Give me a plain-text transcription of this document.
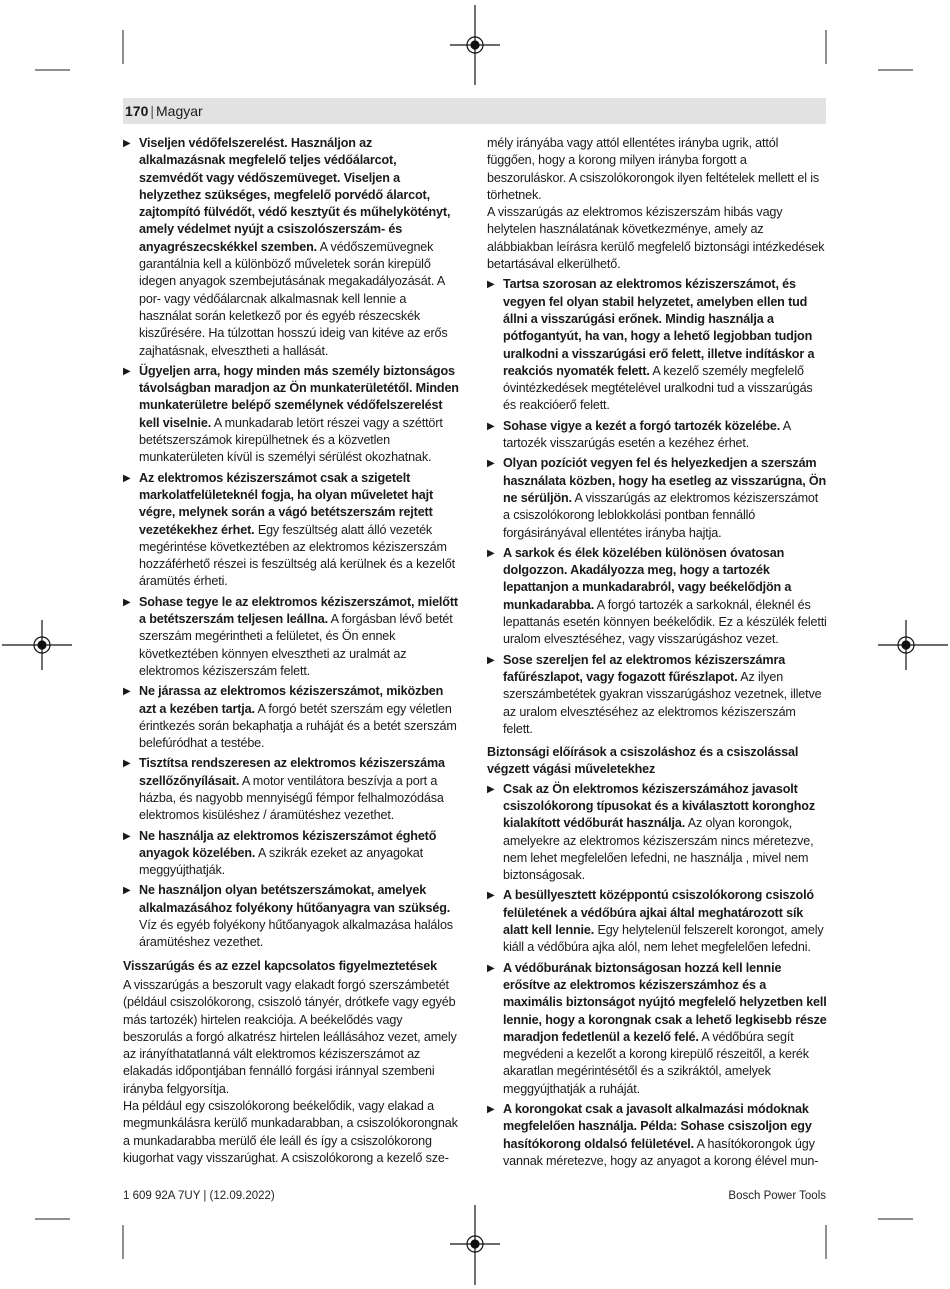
170 | Magyar
▶ Viseljen védőfelszerelést. Használjon az alkalmazásnak megfelelő teljes védőálarcot, szemvédőt vagy védőszemüveget. Viseljen a helyzethez szükséges, megfelelő porvédő álarcot, zajtompító fülvédőt, védő kesztyűt és műhelykötényt, amely védelmet nyújt a csiszolószerszám- és anyagrészecskékkel szemben. A védőszemüvegnek garantálnia kell a különböző műveletek során kirepülő idegen anyagok szembejutásának megakadályozását. A por- vagy védőálarcnak alkalmasnak kell lennie a használat során keletkező por és egyéb részecskék kiszűrésére. Ha túlzottan hosszú ideig van kitéve az erős zajhatásnak, elvesztheti a hallását.
▶ Ügyeljen arra, hogy minden más személy biztonságos távolságban maradjon az Ön munkaterületétől. Minden munkaterületre belépő személynek védőfelszerelést kell viselnie. A munkadarab letört részei vagy a széttört betétszerszámok kirepülhetnek és a közvetlen munkaterületen kívül is személyi sérülést okozhatnak.
▶ Az elektromos kéziszerszámot csak a szigetelt markolatfelületeknél fogja, ha olyan műveletet hajt végre, melynek során a vágó betétszerszám rejtett vezetékekhez érhet. Egy feszültség alatt álló vezeték megérintése következtében az elektromos kéziszerszám hozzáférhető részei is feszültség alá kerülnek és a kezelőt áramütés érheti.
▶ Sohase tegye le az elektromos kéziszerszámot, mielőtt a betétszerszám teljesen leállna. A forgásban lévő betét szerszám megérintheti a felületet, és Ön ennek következtében könnyen elvesztheti az uralmát az elektromos kéziszerszám felett.
▶ Ne járassa az elektromos kéziszerszámot, miközben azt a kezében tartja. A forgó betét szerszám egy véletlen érintkezés során bekaphatja a ruháját és a betét szerszám belefúródhat a testébe.
▶ Tisztítsa rendszeresen az elektromos kéziszerszáma szellőzőnyílásait. A motor ventilátora beszívja a port a házba, és nagyobb mennyiségű fémpor felhalmozódása elektromos kisüléshez / áramütéshez vezethet.
▶ Ne használja az elektromos kéziszerszámot éghető anyagok közelében. A szikrák ezeket az anyagokat meggyújthatják.
▶ Ne használjon olyan betétszerszámokat, amelyek alkalmazásához folyékony hűtőanyagra van szükség. Víz és egyéb folyékony hűtőanyagok alkalmazása halálos áramütéshez vezethet.
Visszarúgás és az ezzel kapcsolatos figyelmeztetések
A visszarúgás a beszorult vagy elakadt forgó szerszámbetét (például csiszolókorong, csiszoló tányér, drótkefe vagy egyéb más tartozék) hirtelen reakciója. A beékelődés vagy beszorulás a forgó alkatrész hirtelen leállásához vezet, amely az irányíthatatlanná vált elektromos kéziszerszámot az elakadás időpontjában fennálló forgási iránnyal szembeni irányba felgyorsítja.
Ha például egy csiszolókorong beékelődik, vagy elakad a megmunkálásra kerülő munkadarabban, a csiszolókorongnak a munkadarabba merülő éle leáll és így a csiszolókorong kiugorhat vagy visszarúghat. A csiszolókorong a kezelő sze-
mély irányába vagy attól ellentétes irányba ugrik, attól függően, hogy a korong milyen irányba forgott a beszoruláskor. A csiszolókorongok ilyen feltételek mellett el is törhetnek.
A visszarúgás az elektromos kéziszerszám hibás vagy helytelen használatának következménye, amely az alábbiakban leírásra kerülő megfelelő biztonsági intézkedések betartásával elkerülhető.
▶ Tartsa szorosan az elektromos kéziszerszámot, és vegyen fel olyan stabil helyzetet, amelyben ellen tud állni a visszarúgási erőnek. Mindig használja a pótfogantyút, ha van, hogy a lehető legjobban tudjon uralkodni a visszarúgási erő felett, illetve indításkor a reakciós nyomaték felett. A kezelő személy megfelelő óvintézkedések megtételével uralkodni tud a visszarúgás és reakcióerő felett.
▶ Sohase vigye a kezét a forgó tartozék közelébe. A tartozék visszarúgás esetén a kezéhez érhet.
▶ Olyan pozíciót vegyen fel és helyezkedjen a szerszám használata közben, hogy ha esetleg az visszarúgna, Ön ne sérüljön. A visszarúgás az elektromos kéziszerszámot a csiszolókorong leblokkolási pontban fennálló forgásirányával ellentétes irányba hajtja.
▶ A sarkok és élek közelében különösen óvatosan dolgozzon. Akadályozza meg, hogy a tartozék lepattanjon a munkadarabról, vagy beékelődjön a munkadarabba. A forgó tartozék a sarkoknál, éleknél és lepattanás esetén könnyen beékelődik. Ez a készülék feletti uralom elvesztéséhez, vagy visszarúgáshoz vezet.
▶ Sose szereljen fel az elektromos kéziszerszámra fafűrészlapot, vagy fogazott fűrészlapot. Az ilyen szerszámbetétek gyakran visszarúgáshoz vezetnek, illetve az uralom elvesztéséhez az elektromos kéziszerszám felett.
Biztonsági előírások a csiszoláshoz és a csiszolással végzett vágási műveletekhez
▶ Csak az Ön elektromos kéziszerszámához javasolt csiszolókorong típusokat és a kiválasztott koronghoz kialakított védőburát használja. Az olyan korongok, amelyekre az elektromos kéziszerszám nincs méretezve, nem lehet megfelelően lefedni, ne használja , mivel nem biztonságosak.
▶ A besüllyesztett középpontú csiszolókorong csiszoló felületének a védőbúra ajkai által meghatározott sík alatt kell lennie. Egy helytelenül felszerelt korongot, amely kiáll a védőbúra ajka alól, nem lehet megfelelően lefedni.
▶ A védőburának biztonságosan hozzá kell lennie erősítve az elektromos kéziszerszámhoz és a maximális biztonságot nyújtó megfelelő helyzetben kell lennie, hogy a korongnak csak a lehető legkisebb része maradjon fedetlenül a kezelő felé. A védőbúra segít megvédeni a kezelőt a korong kirepülő részeitől, a kerék akaratlan megérintésétől és a szikráktól, amelyek meggyújthatják a ruháját.
▶ A korongokat csak a javasolt alkalmazási módoknak megfelelően használja. Példa: Sohase csiszoljon egy hasítókorong oldalsó felületével. A hasítókorongok úgy vannak méretezve, hogy az anyagot a korong élével mun-
1 609 92A 7UY | (12.09.2022)	Bosch Power Tools
